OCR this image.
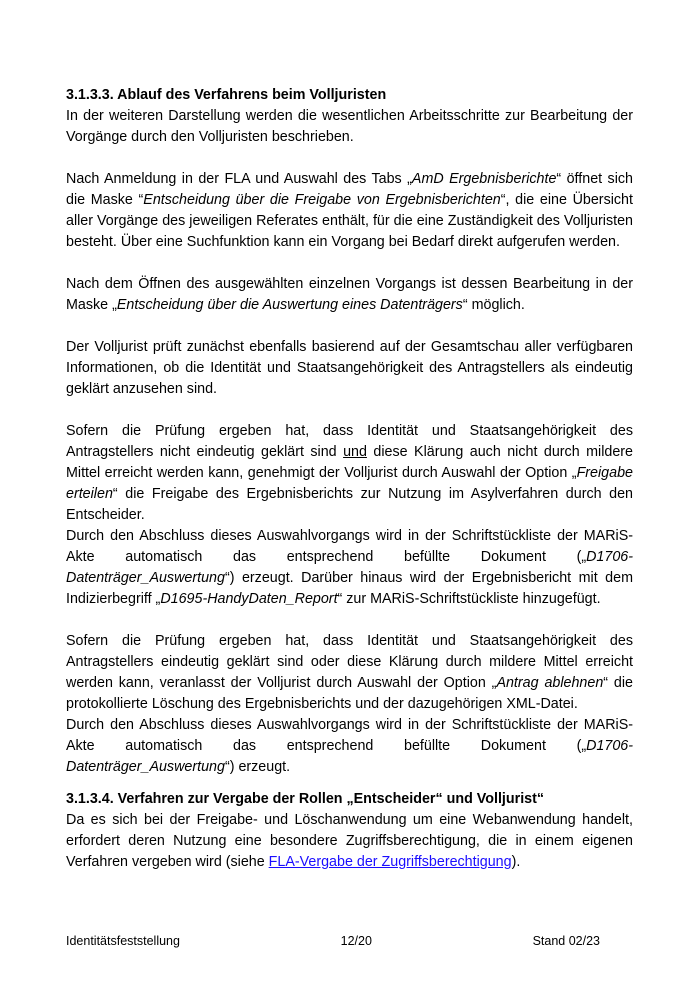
3.1.3.3. Ablauf des Verfahrens beim Volljuristen

In der weiteren Darstellung werden die wesentlichen Arbeitsschritte zur Bearbeitung der Vorgänge durch den Volljuristen beschrieben.

Nach Anmeldung in der FLA und Auswahl des Tabs „AmD Ergebnisberichte“ öffnet sich die Maske “Entscheidung über die Freigabe von Ergebnisberichten“, die eine Übersicht aller Vorgänge des jeweiligen Referates enthält, für die eine Zuständigkeit des Volljuristen besteht. Über eine Suchfunktion kann ein Vorgang bei Bedarf direkt aufgerufen werden.

Nach dem Öffnen des ausgewählten einzelnen Vorgangs ist dessen Bearbeitung in der Maske „Entscheidung über die Auswertung eines Datenträgers“ möglich.

Der Volljurist prüft zunächst ebenfalls basierend auf der Gesamtschau aller verfügbaren Informationen, ob die Identität und Staatsangehörigkeit des Antragstellers als eindeutig geklärt anzusehen sind.

Sofern die Prüfung ergeben hat, dass Identität und Staatsangehörigkeit des Antragstellers nicht eindeutig geklärt sind und diese Klärung auch nicht durch mildere Mittel erreicht werden kann, genehmigt der Volljurist durch Auswahl der Option „Freigabe erteilen“ die Freigabe des Ergebnisberichts zur Nutzung im Asylverfahren durch den Entscheider.

Durch den Abschluss dieses Auswahlvorgangs wird in der Schriftstückliste der MARiS-Akte automatisch das entsprechend befüllte Dokument („D1706-Datenträger_Auswertung“) erzeugt. Darüber hinaus wird der Ergebnisbericht mit dem Indizierbegriff „D1695-HandyDaten_Report“ zur MARiS-Schriftstückliste hinzugefügt.

Sofern die Prüfung ergeben hat, dass Identität und Staatsangehörigkeit des Antragstellers eindeutig geklärt sind oder diese Klärung durch mildere Mittel erreicht werden kann, veranlasst der Volljurist durch Auswahl der Option „Antrag ablehnen“ die protokollierte Löschung des Ergebnisberichts und der dazugehörigen XML-Datei.

Durch den Abschluss dieses Auswahlvorgangs wird in der Schriftstückliste der MARiS-Akte automatisch das entsprechend befüllte Dokument („D1706-Datenträger_Auswertung“) erzeugt.

3.1.3.4. Verfahren zur Vergabe der Rollen „Entscheider“ und Volljurist“

Da es sich bei der Freigabe- und Löschanwendung um eine Webanwendung handelt, erfordert deren Nutzung eine besondere Zugriffsberechtigung, die in einem eigenen Verfahren vergeben wird (siehe FLA-Vergabe der Zugriffsberechtigung).

Identitätsfeststellung	12/20	Stand 02/23
